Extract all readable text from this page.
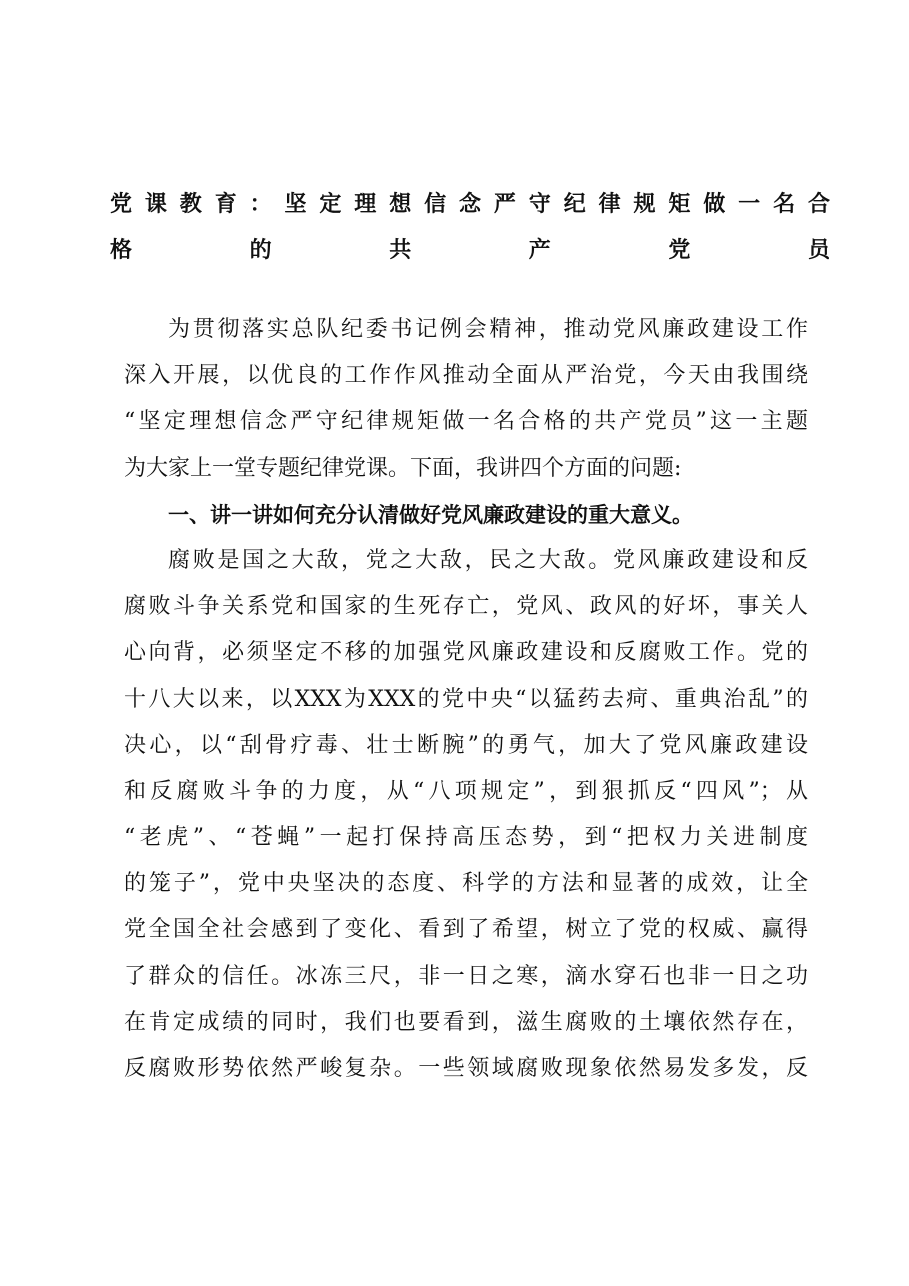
党课教育：坚定理想信念严守纪律规矩做一名合
格的共产党员
为贯彻落实总队纪委书记例会精神，推动党风廉政建设工作
深入开展，以优良的工作作风推动全面从严治党，今天由我围绕
“坚定理想信念严守纪律规矩做一名合格的共产党员”这一主题
为大家上一堂专题纪律党课。下面，我讲四个方面的问题:
一、讲一讲如何充分认清做好党风廉政建设的重大意义。
腐败是国之大敌，党之大敌，民之大敌。党风廉政建设和反
腐败斗争关系党和国家的生死存亡，党风、政风的好坏，事关人
心向背，必须坚定不移的加强党风廉政建设和反腐败工作。党的
十八大以来，以XXX为XXX的党中央“以猛药去疴、重典治乱”的
决心，以“刮骨疗毒、壮士断腕”的勇气，加大了党风廉政建设
和反腐败斗争的力度，从“八项规定”，到狠抓反“四风”；从
“老虎”、“苍蝇”一起打保持高压态势，到“把权力关进制度
的笼子”，党中央坚决的态度、科学的方法和显著的成效，让全
党全国全社会感到了变化、看到了希望，树立了党的权威、赢得
了群众的信任。冰冻三尺，非一日之寒，滴水穿石也非一日之功
在肯定成绩的同时，我们也要看到，滋生腐败的土壤依然存在，
反腐败形势依然严峻复杂。一些领域腐败现象依然易发多发，反
